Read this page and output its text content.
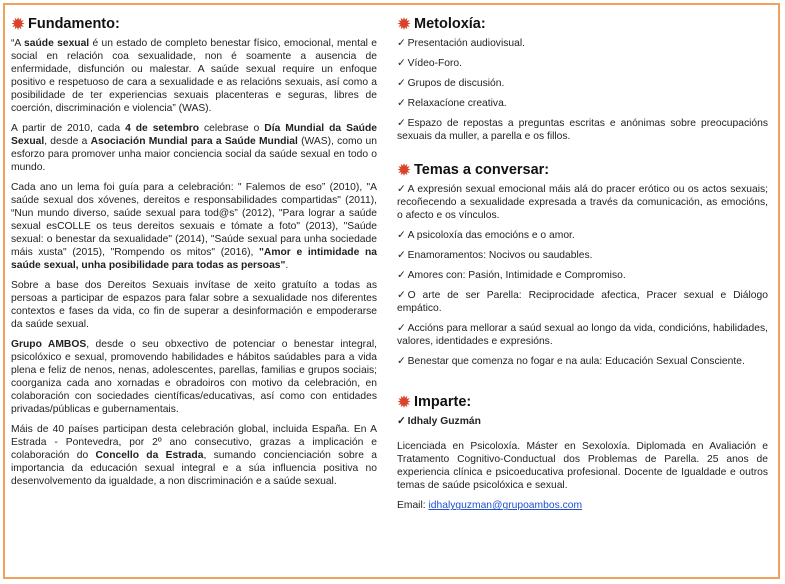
✹ Fundamento:

“A saúde sexual é un estado de completo benestar físico, emocional, mental e social en relación coa sexualidade, non é soamente a ausencia de enfermidade, disfunción ou malestar. A saúde sexual require un enfoque positivo e respetuoso de cara a sexualidade e as relacións sexuais, así como a posibilidade de ter experiencias sexuais placenteras e seguras, libres de coerción, discriminación e violencia” (WAS).

A partir de 2010, cada 4 de setembro celebrase o Día Mundial da Saúde Sexual, desde a Asociación Mundial para a Saúde Mundial (WAS), como un esforzo para promover unha maior conciencia social da saúde sexual en todo o mundo.

Cada ano un lema foi guía para a celebración: " Falemos de eso” (2010), "A saúde sexual dos xóvenes, dereitos e responsabilidades compartidas" (2011), “Nun mundo diverso, saúde sexual para tod@s” (2012), "Para lograr a saúde sexual esCOLLE os teus dereitos sexuais e tómate a foto" (2013), "Saúde sexual: o benestar da sexualidade" (2014), "Saúde sexual para unha sociedade máis xusta" (2015), "Rompendo os mitos" (2016), "Amor e intimidade na saúde sexual, unha posibilidade para todas as persoas".

Sobre a base dos Dereitos Sexuais invítase de xeito gratuíto a todas as persoas a participar de espazos para falar sobre a sexualidade nos diferentes contextos e fases da vida, co fin de superar a desinformación e empoderarse da saúde sexual.

Grupo AMBOS, desde o seu obxectivo de potenciar o benestar integral, psicolóxico e sexual, promovendo habilidades e hábitos saúdables para a vida plena e feliz de nenos, nenas, adolescentes, parellas, familias e grupos sociais; coorganiza cada ano xornadas e obradoiros con motivo da celebración, en colaboración con sociedades científicas/educativas, así como con entidades privadas/públicas e gubernamentais.

Máis de 40 países participan desta celebración global, incluida España. En A Estrada - Pontevedra, por 2º ano consecutivo, grazas a implicación e colaboración do Concello da Estrada, sumando concienciación sobre a importancia da educación sexual integral e a súa influencia positiva no desenvolvemento da igualdade, a non discriminación e a saúde sexual.

✹ Metoloxía:
✓ Presentación audiovisual.
✓ Vídeo-Foro.
✓ Grupos de discusión.
✓ Relaxacíone creativa.
✓ Espazo de repostas a preguntas escritas e anónimas sobre preocupacións sexuais da muller, a parella e os fillos.
✹ Temas a conversar:
✓ A expresión sexual emocional máis alá do pracer erótico ou os actos sexuais; recoñecendo a sexualidade expresada a través da comunicación, as emocións, o afecto e os vínculos.
✓ A psicoloxía das emocións e o amor.
✓ Enamoramentos: Nocivos ou saudables.
✓ Amores con: Pasión, Intimidade e Compromiso.
✓ O arte de ser Parella: Reciprocidade afectica, Pracer sexual e Diálogo empático.
✓ Accións para mellorar a saúd sexual ao longo da vida, condicións, habilidades, valores, identidades e expresións.
✓ Benestar que comenza no fogar e na aula: Educación Sexual Consciente.
✹ Imparte:
✓ Idhaly Guzmán

Licenciada en Psicoloxía. Máster en Sexoloxía. Diplomada en Avaliación e Tratamento Cognitivo-Conductual dos Problemas de Parella. 25 anos de experiencia clínica e psicoeducativa profesional. Docente de Igualdade e outros temas de saúde psicolóxica e sexual.

Email: idhalyguzman@grupoambos.com
